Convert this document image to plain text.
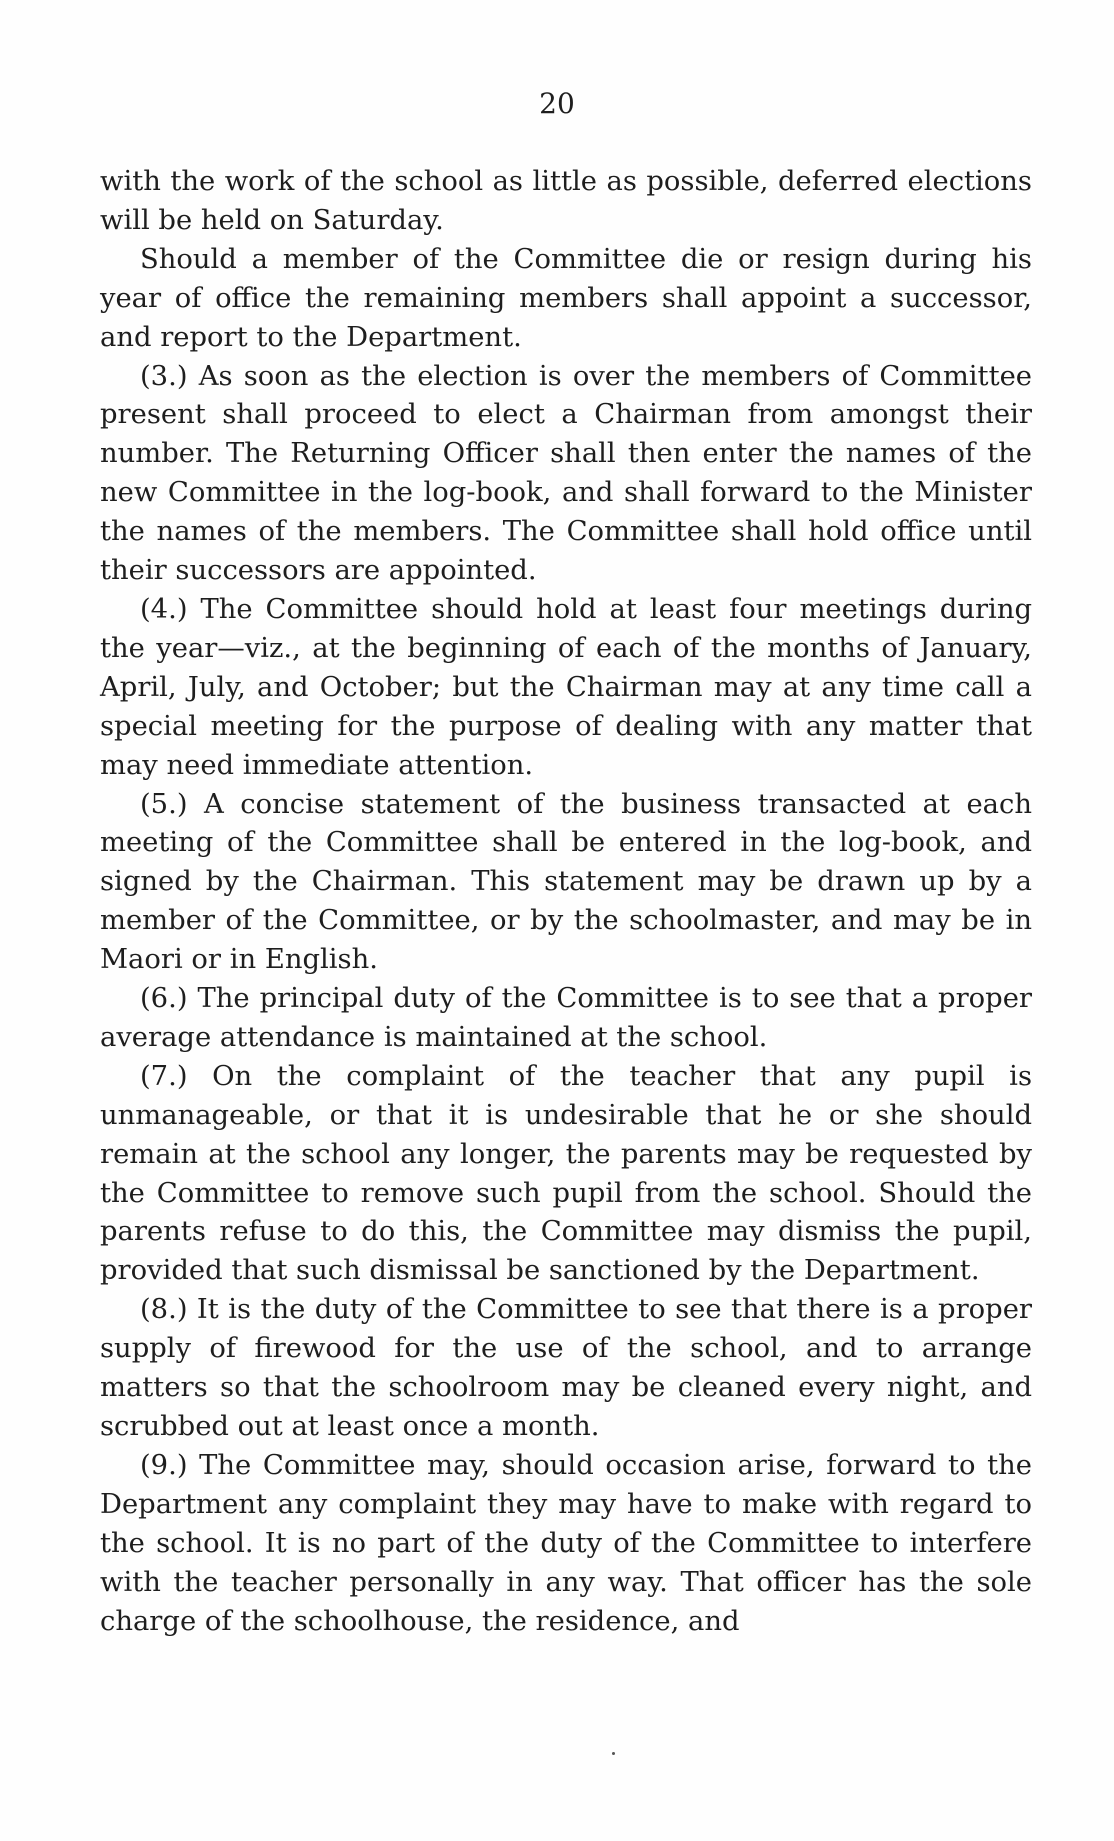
20

with the work of the school as little as possible, deferred elections will be held on Saturday.

Should a member of the Committee die or resign during his year of office the remaining members shall appoint a successor, and report to the Department.

(3.) As soon as the election is over the members of Committee present shall proceed to elect a Chairman from amongst their number. The Returning Officer shall then enter the names of the new Committee in the log-book, and shall forward to the Minister the names of the members. The Committee shall hold office until their successors are appointed.

(4.) The Committee should hold at least four meetings during the year—viz., at the beginning of each of the months of January, April, July, and October; but the Chairman may at any time call a special meeting for the purpose of dealing with any matter that may need immediate attention.

(5.) A concise statement of the business transacted at each meeting of the Committee shall be entered in the log-book, and signed by the Chairman. This statement may be drawn up by a member of the Committee, or by the schoolmaster, and may be in Maori or in English.

(6.) The principal duty of the Committee is to see that a proper average attendance is maintained at the school.

(7.) On the complaint of the teacher that any pupil is unmanageable, or that it is undesirable that he or she should remain at the school any longer, the parents may be requested by the Committee to remove such pupil from the school. Should the parents refuse to do this, the Committee may dismiss the pupil, provided that such dismissal be sanctioned by the Department.

(8.) It is the duty of the Committee to see that there is a proper supply of firewood for the use of the school, and to arrange matters so that the schoolroom may be cleaned every night, and scrubbed out at least once a month.

(9.) The Committee may, should occasion arise, forward to the Department any complaint they may have to make with regard to the school. It is no part of the duty of the Committee to interfere with the teacher personally in any way. That officer has the sole charge of the schoolhouse, the residence, and
